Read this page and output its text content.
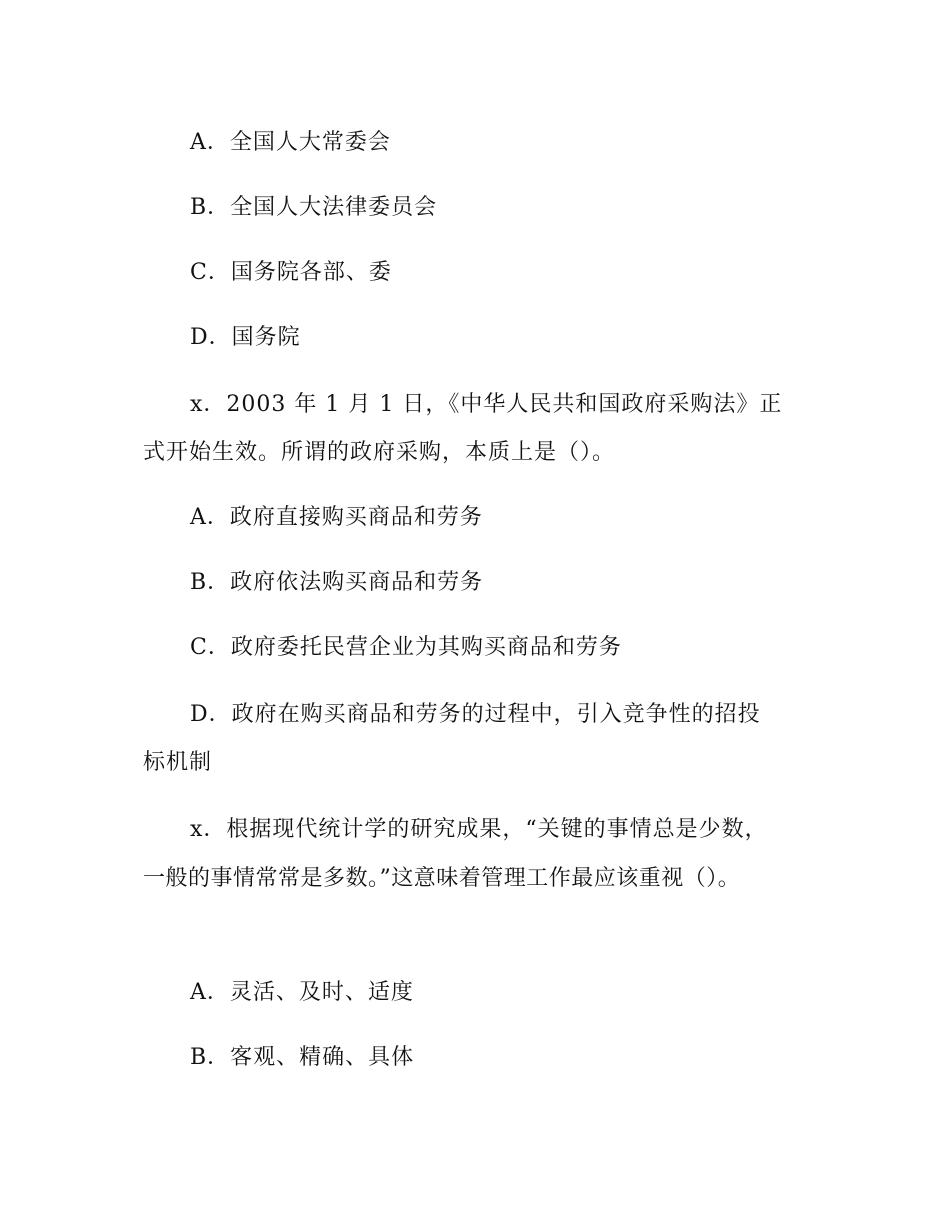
A．全国人大常委会
B．全国人大法律委员会
C．国务院各部、委
D．国务院
x．2003 年 1 月 1 日，《中华人民共和国政府采购法》正
式开始生效。所谓的政府采购，本质上是（）。
A．政府直接购买商品和劳务
B．政府依法购买商品和劳务
C．政府委托民营企业为其购买商品和劳务
D．政府在购买商品和劳务的过程中，引入竞争性的招投
标机制
x．根据现代统计学的研究成果，“关键的事情总是少数，
一般的事情常常是多数。”这意味着管理工作最应该重视（）。
A．灵活、及时、适度
B．客观、精确、具体
